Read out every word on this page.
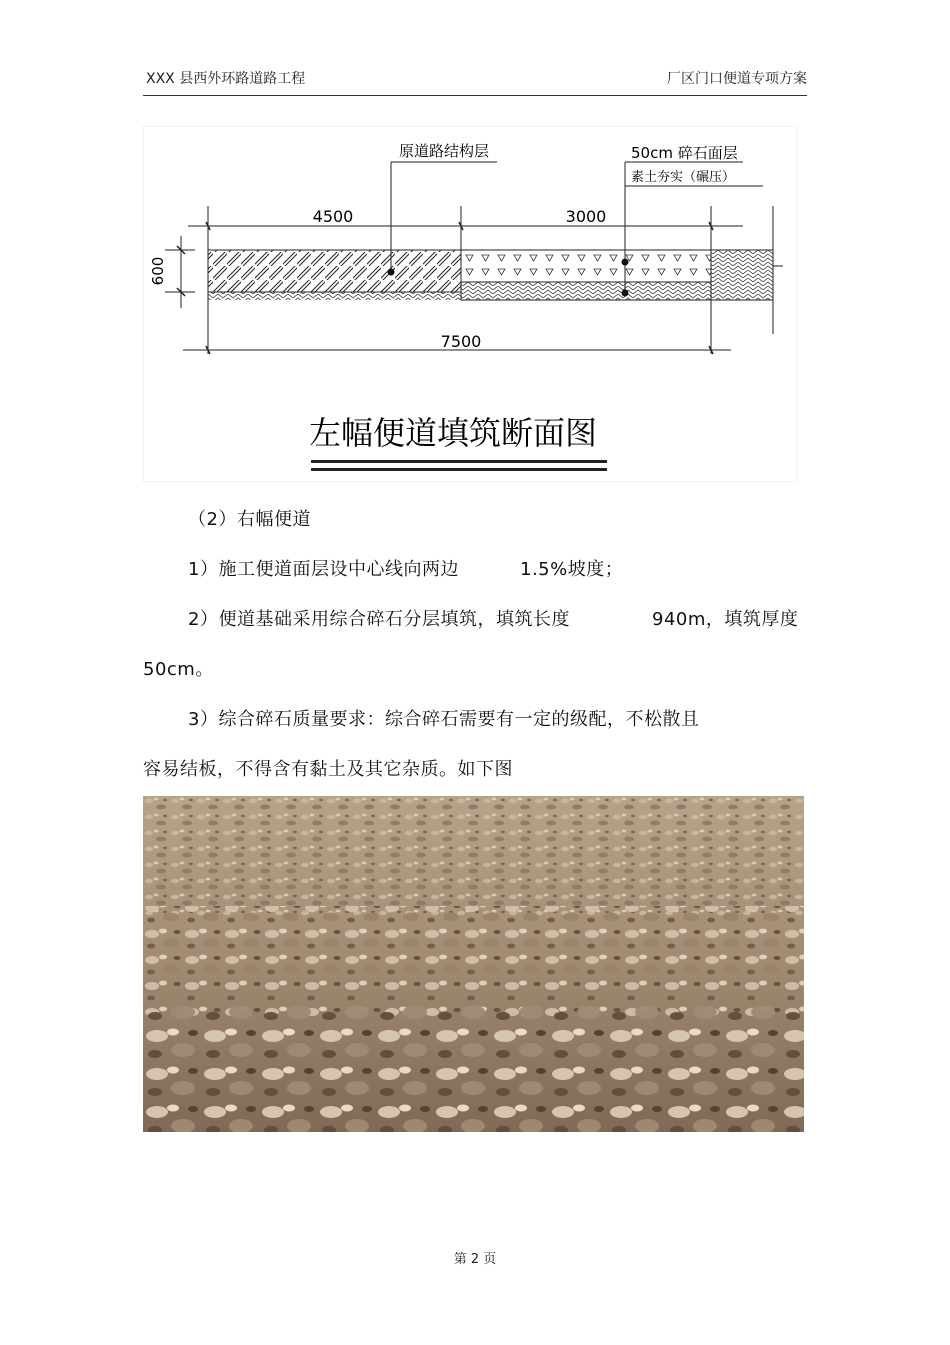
XXX 县西外环路道路工程	厂区门口便道专项方案
4500	3000
7500
600
原道路结构层	50cm 碎石面层
素土夯实（碾压）
左幅便道填筑断面图
（2）右幅便道
1）施工便道面层设中心线向两边	1.5%坡度；
2）便道基础采用综合碎石分层填筑，填筑长度	940m，填筑厚度
50cm。
3）综合碎石质量要求：综合碎石需要有一定的级配，不松散且
容易结板，不得含有黏土及其它杂质。如下图
第 2 页
